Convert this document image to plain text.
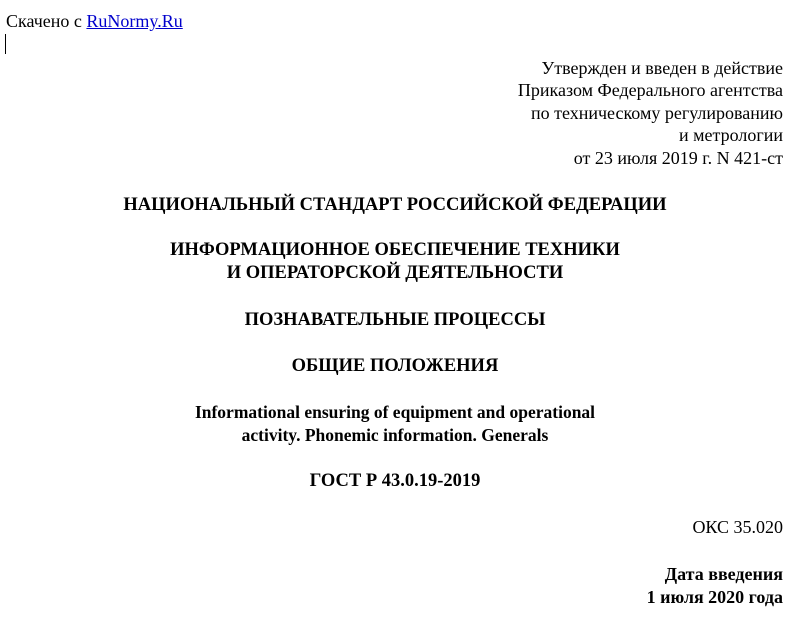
Скачено с RuNormy.Ru
Утвержден и введен в действие
Приказом Федерального агентства
по техническому регулированию
и метрологии
от 23 июля 2019 г. N 421-ст
НАЦИОНАЛЬНЫЙ СТАНДАРТ РОССИЙСКОЙ ФЕДЕРАЦИИ
ИНФОРМАЦИОННОЕ ОБЕСПЕЧЕНИЕ ТЕХНИКИ
И ОПЕРАТОРСКОЙ ДЕЯТЕЛЬНОСТИ
ПОЗНАВАТЕЛЬНЫЕ ПРОЦЕССЫ
ОБЩИЕ ПОЛОЖЕНИЯ
Informational ensuring of equipment and operational
activity. Phonemic information. Generals
ГОСТ Р 43.0.19-2019
ОКС 35.020
Дата введения
1 июля 2020 года
